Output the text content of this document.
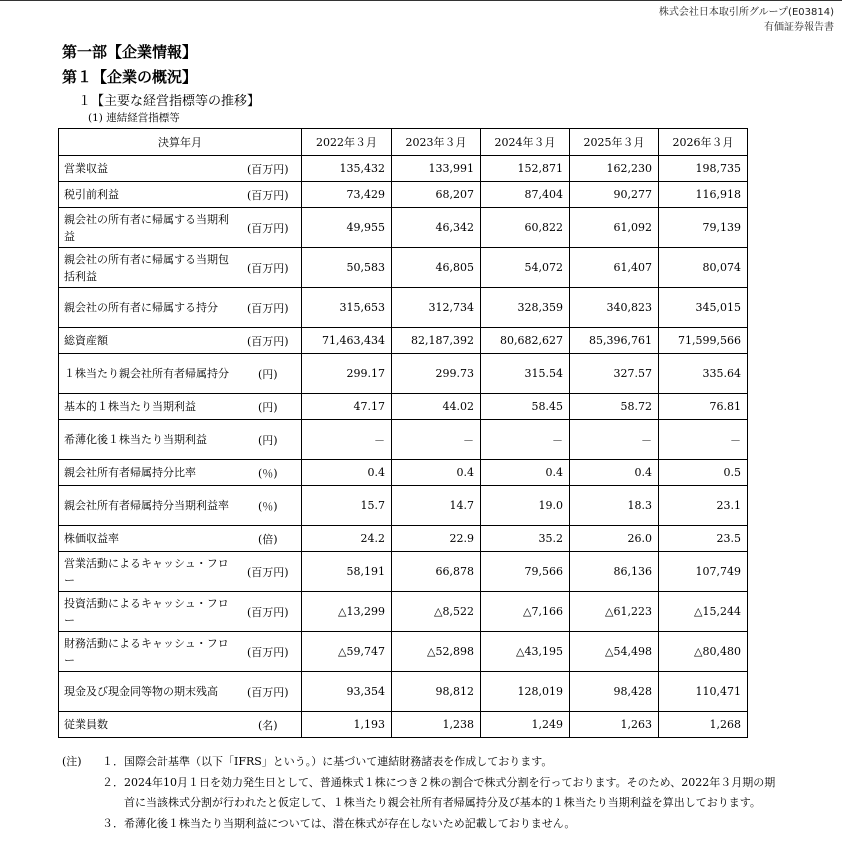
株式会社日本取引所グループ(E03814)
有価証券報告書
第一部【企業情報】
第１【企業の概況】
１【主要な経営指標等の推移】
(1) 連結経営指標等
決算年月		2022年３月	2023年３月	2024年３月	2025年３月	2026年３月
営業収益	(百万円)	135,432	133,991	152,871	162,230	198,735
税引前利益	(百万円)	73,429	68,207	87,404	90,277	116,918
親会社の所有者に帰属する当期利益	(百万円)	49,955	46,342	60,822	61,092	79,139
親会社の所有者に帰属する当期包括利益	(百万円)	50,583	46,805	54,072	61,407	80,074
親会社の所有者に帰属する持分	(百万円)	315,653	312,734	328,359	340,823	345,015
総資産額	(百万円)	71,463,434	82,187,392	80,682,627	85,396,761	71,599,566
１株当たり親会社所有者帰属持分	(円)	299.17	299.73	315.54	327.57	335.64
基本的１株当たり当期利益	(円)	47.17	44.02	58.45	58.72	76.81
希薄化後１株当たり当期利益	(円)	－	－	－	－	－
親会社所有者帰属持分比率	(％)	0.4	0.4	0.4	0.4	0.5
親会社所有者帰属持分当期利益率	(％)	15.7	14.7	19.0	18.3	23.1
株価収益率	(倍)	24.2	22.9	35.2	26.0	23.5
営業活動によるキャッシュ・フロー	(百万円)	58,191	66,878	79,566	86,136	107,749
投資活動によるキャッシュ・フロー	(百万円)	△13,299	△8,522	△7,166	△61,223	△15,244
財務活動によるキャッシュ・フロー	(百万円)	△59,747	△52,898	△43,195	△54,498	△80,480
現金及び現金同等物の期末残高	(百万円)	93,354	98,812	128,019	98,428	110,471
従業員数	(名)	1,193	1,238	1,249	1,263	1,268
(注) １．国際会計基準（以下「IFRS」という。）に基づいて連結財務諸表を作成しております。
２． 2024年10月１日を効力発生日として、普通株式１株につき２株の割合で株式分割を行っております。そのため、2022年３月期の期首に当該株式分割が行われたと仮定して、１株当たり親会社所有者帰属持分及び基本的１株当たり当期利益を算出しております。
３．希薄化後１株当たり当期利益については、潜在株式が存在しないため記載しておりません。
